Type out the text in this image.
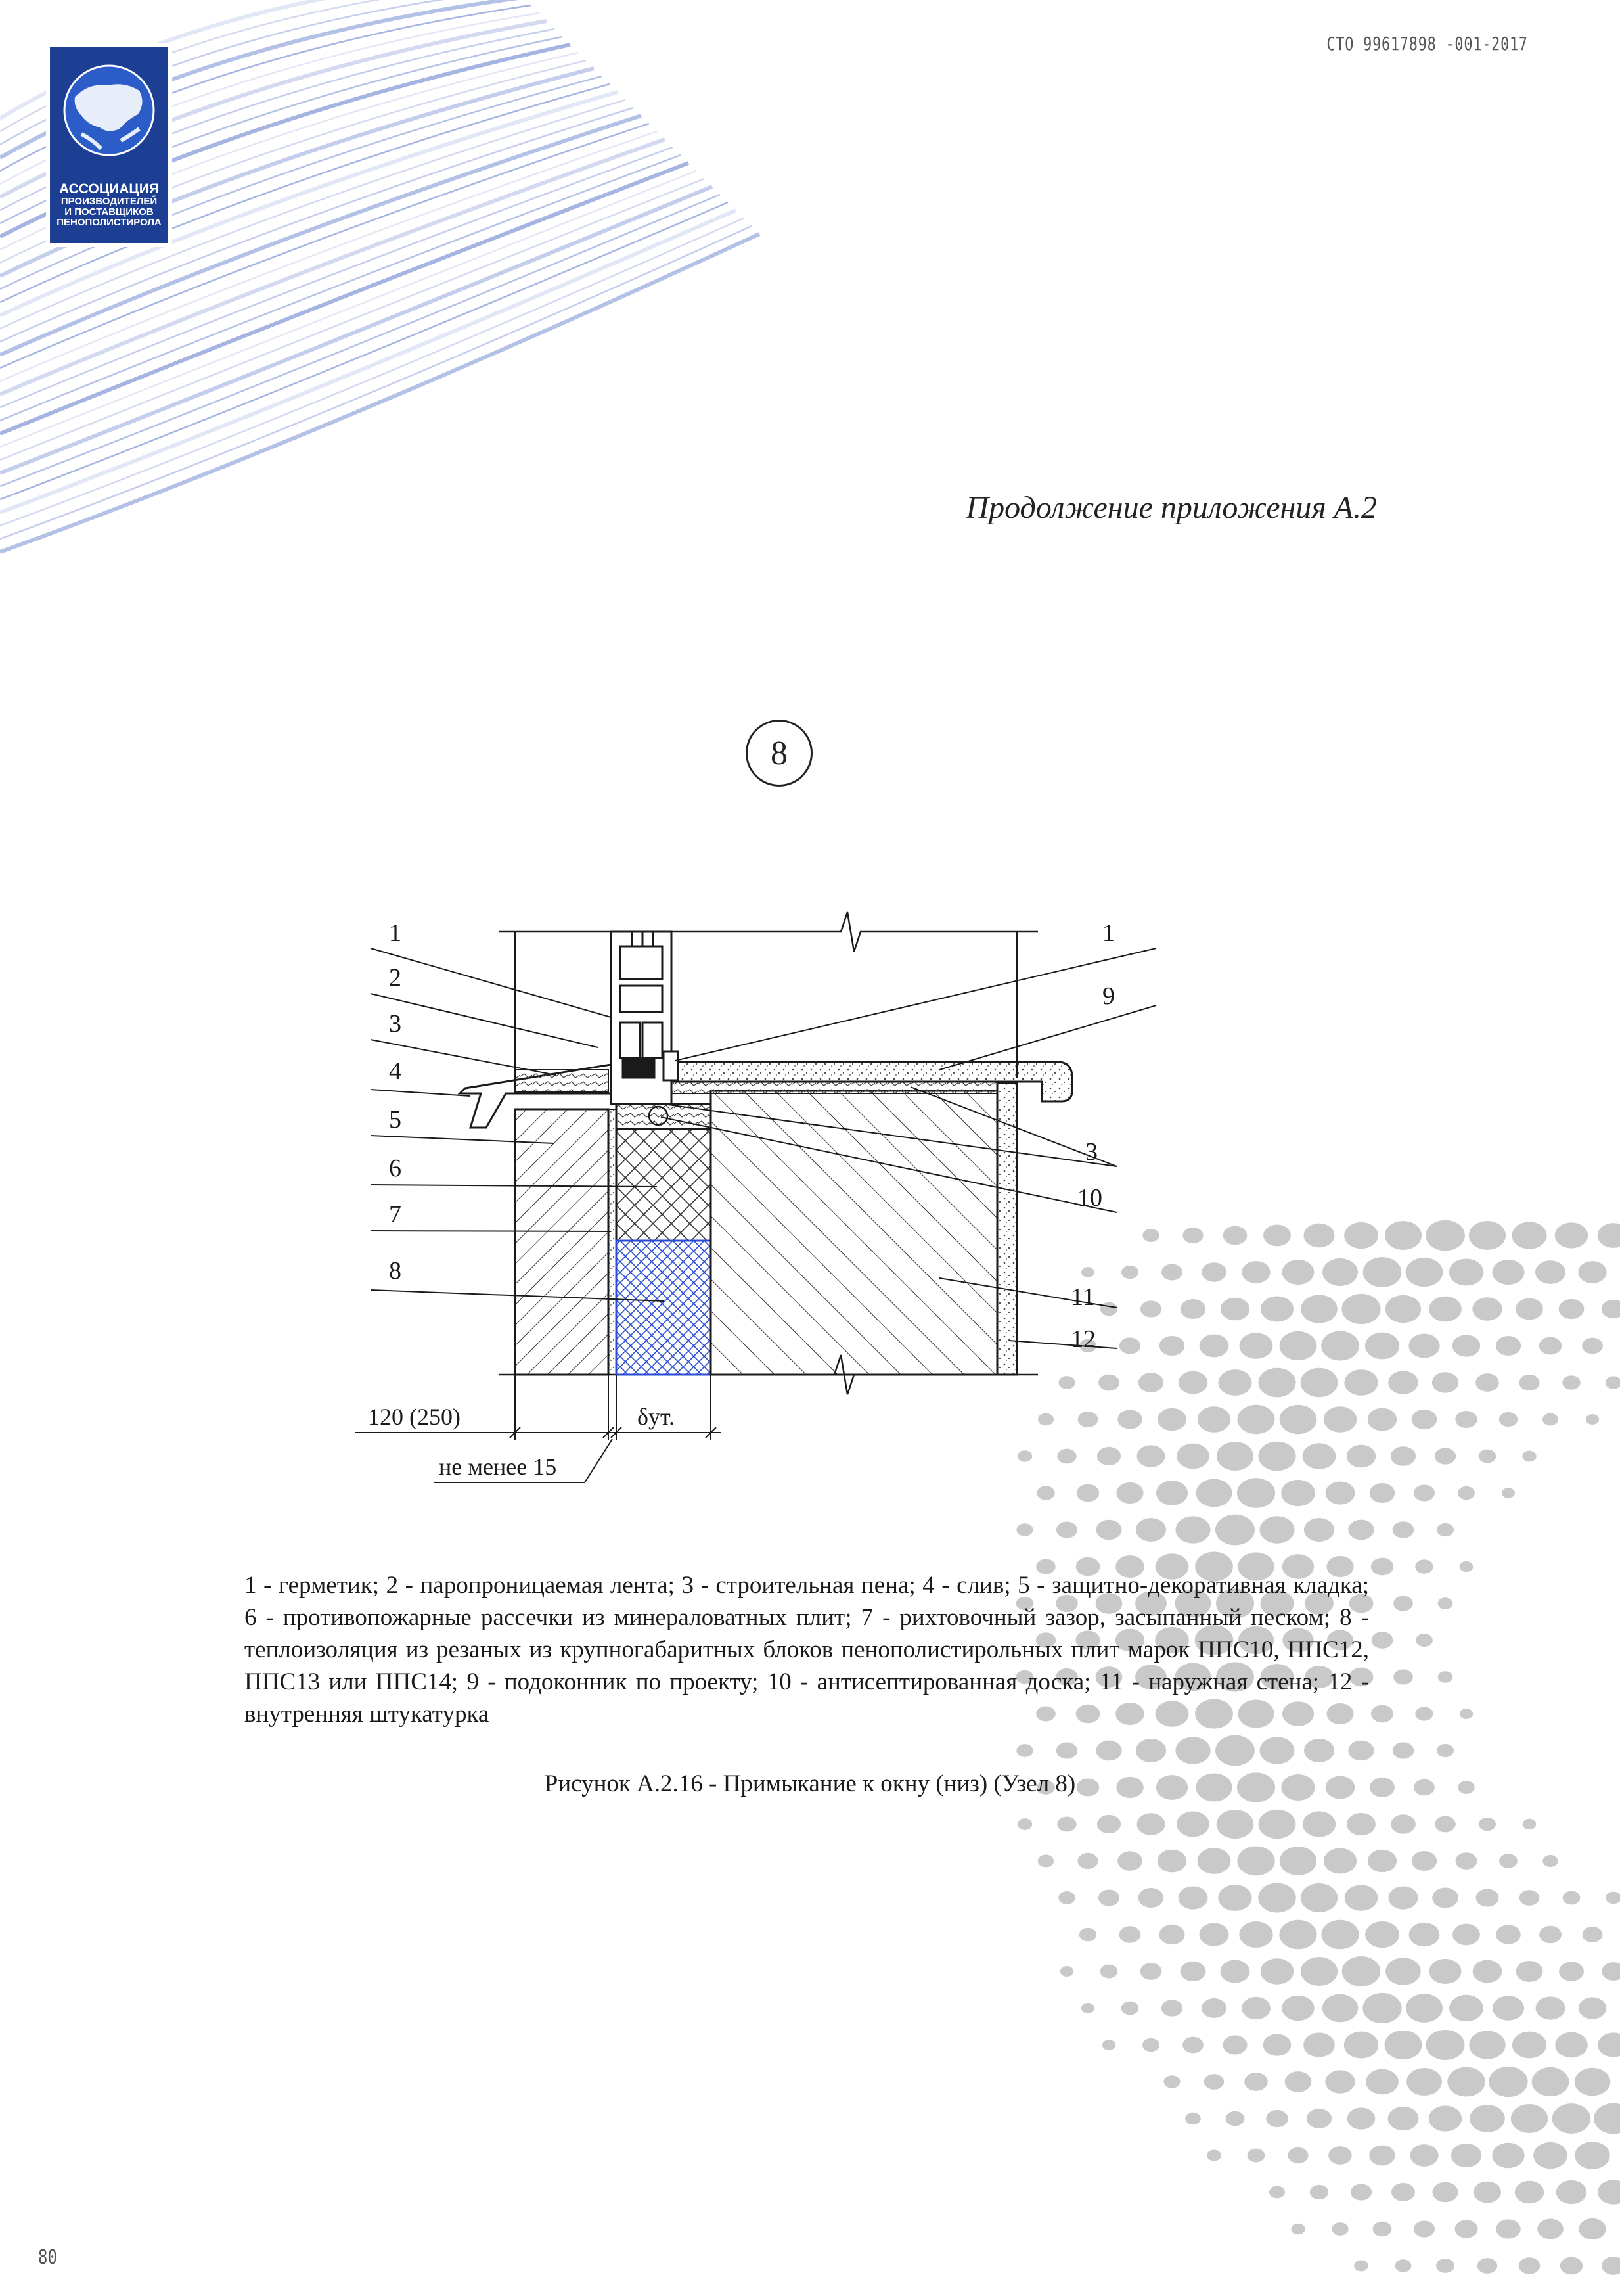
АССОЦИАЦИЯ
ПРОИЗВОДИТЕЛЕЙ
И ПОСТАВЩИКОВ
ПЕНОПОЛИСТИРОЛА
СТО 99617898 -001-2017
Продолжение приложения А.2
8
1
2
3
4
5
6
7
8
1
9
3
10
11
12
120 (250)	δут.
не менее 15
1 - герметик; 2 - паропроницаемая лента; 3 - строительная пена; 4 - слив; 5 - защитно-декоративная кладка; 6 - противопожарные рассечки из минераловатных плит; 7 - рихтовочный зазор, засыпанный песком; 8 - теплоизоляция из резаных из крупногабаритных блоков пенополистирольных плит марок ППС10, ППС12, ППС13 или ППС14; 9 - подоконник по проекту; 10 - антисептированная доска; 11 - наружная стена; 12 - внутренняя штукатурка
Рисунок А.2.16 - Примыкание к окну (низ) (Узел 8)
80
